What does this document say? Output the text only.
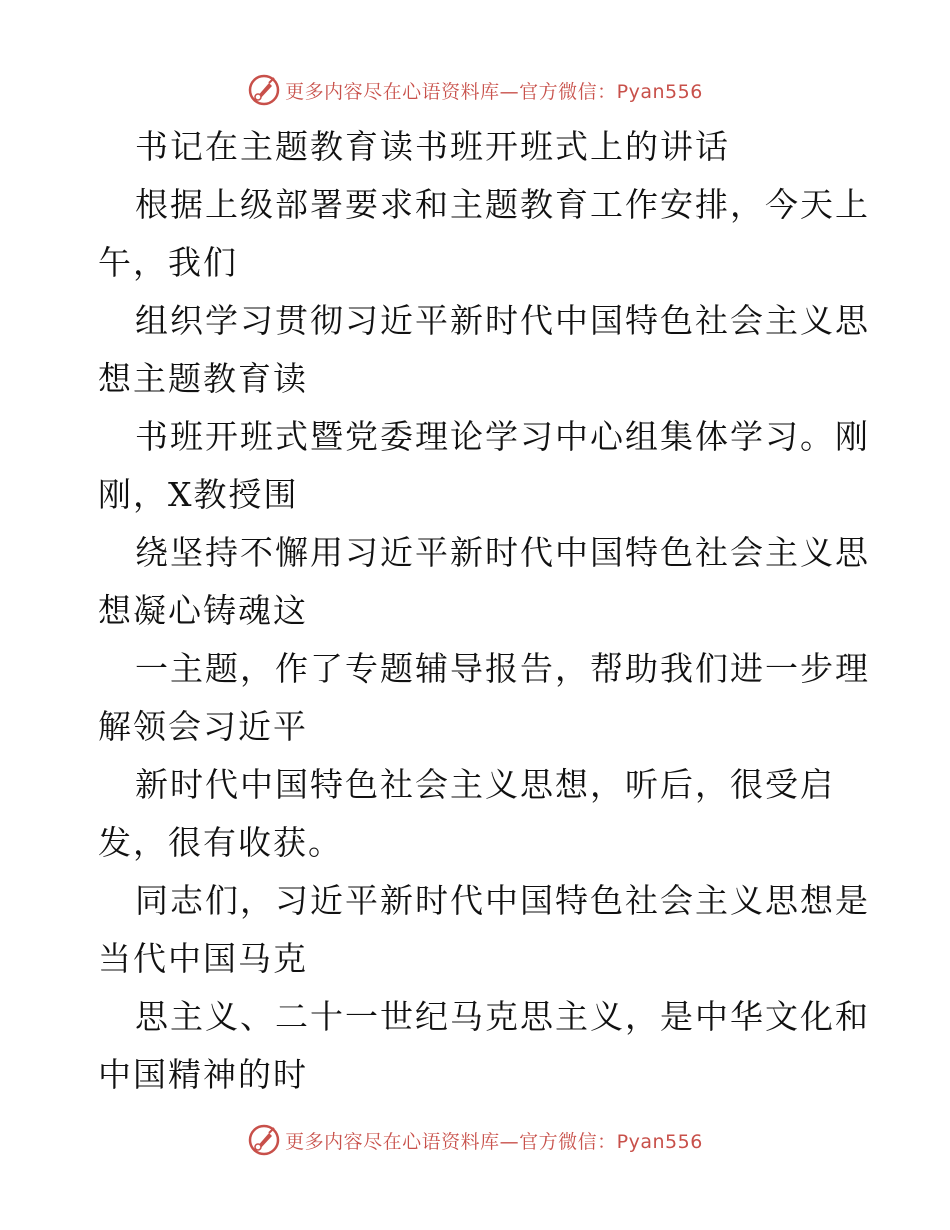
更多内容尽在心语资料库—官方微信：Pyan556
书记在主题教育读书班开班式上的讲话
根据上级部署要求和主题教育工作安排，今天上
午，我们
组织学习贯彻习近平新时代中国特色社会主义思
想主题教育读
书班开班式暨党委理论学习中心组集体学习。刚
刚，X教授围
绕坚持不懈用习近平新时代中国特色社会主义思
想凝心铸魂这
一主题，作了专题辅导报告，帮助我们进一步理
解领会习近平
新时代中国特色社会主义思想，听后，很受启
发，很有收获。
同志们，习近平新时代中国特色社会主义思想是
当代中国马克
思主义、二十一世纪马克思主义，是中华文化和
中国精神的时
更多内容尽在心语资料库—官方微信：Pyan556
